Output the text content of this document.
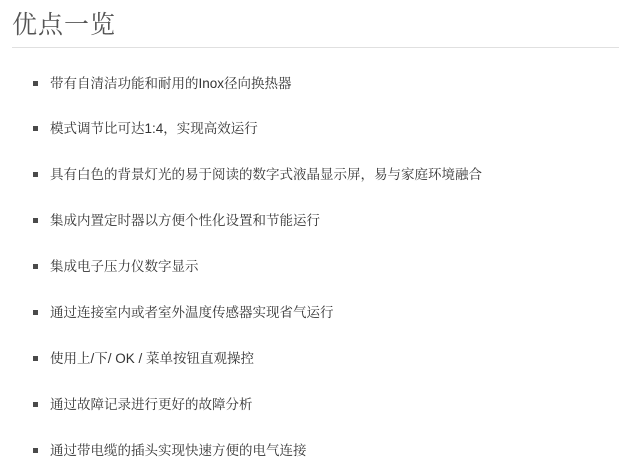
优点一览
带有自清洁功能和耐用的Inox径向换热器
模式调节比可达1:4，实现高效运行
具有白色的背景灯光的易于阅读的数字式液晶显示屏，易与家庭环境融合
集成内置定时器以方便个性化设置和节能运行
集成电子压力仪数字显示
通过连接室内或者室外温度传感器实现省气运行
使用上/下/ OK / 菜单按钮直观操控
通过故障记录进行更好的故障分析
通过带电缆的插头实现快速方便的电气连接
